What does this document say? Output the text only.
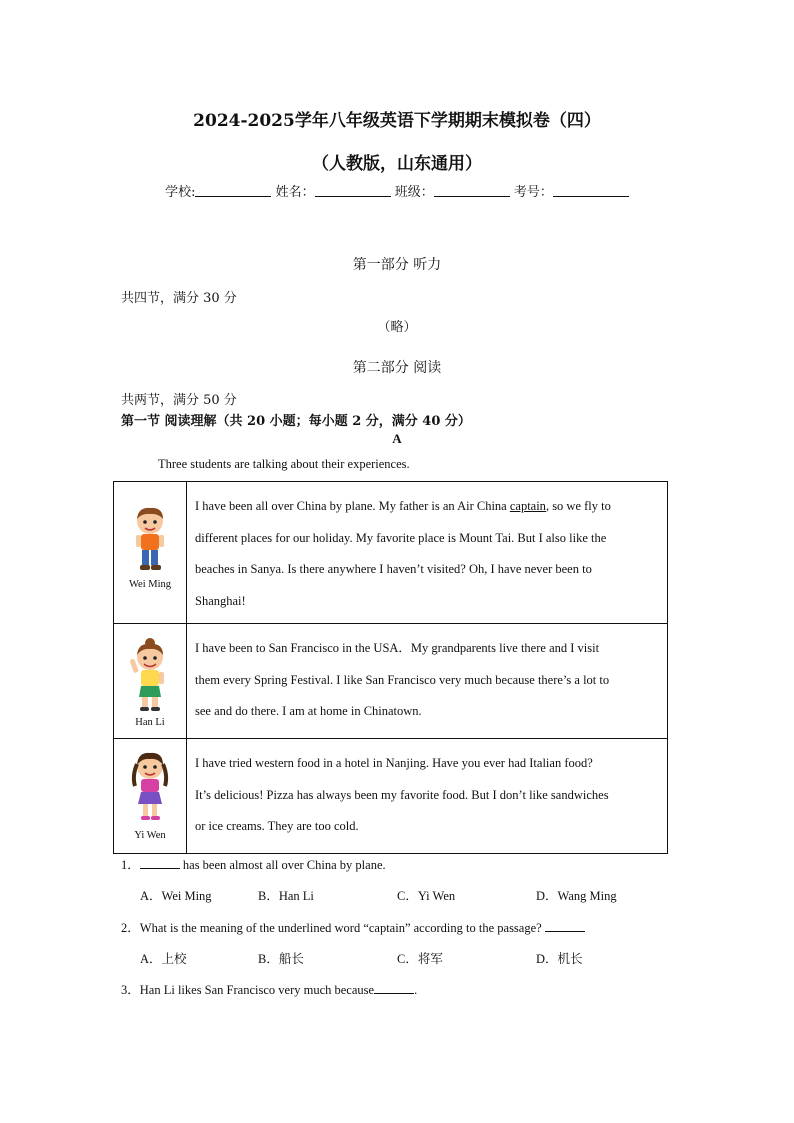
2024-2025学年八年级英语下学期期末模拟卷（四）
（人教版，山东通用）
学校:	姓名：	班级：	考号：
第一部分 听力
共四节，满分 30 分
（略）
第二部分 阅读
共两节，满分 50 分
第一节 阅读理解（共 20 小题；每小题 2 分，满分 40 分）
A
Three students are talking about their experiences.
Wei Ming	I have been all over China by plane. My father is an Air China captain, so we fly to
different places for our holiday. My favorite place is Mount Tai. But I also like the
beaches in Sanya. Is there anywhere I haven’t visited? Oh, I have never been to
Shanghai!

Han Li	I have been to San Francisco in the USA．My grandparents live there and I visit
them every Spring Festival. I like San Francisco very much because there’s a lot to
see and do there. I am at home in Chinatown.

Yi Wen	I have tried western food in a hotel in Nanjing. Have you ever had Italian food?
It’s delicious! Pizza has always been my favorite food. But I don’t like sandwiches
or ice creams. They are too cold.
1．	has been almost all over China by plane.
A．Wei Ming	B．Han Li	C．Yi Wen	D．Wang Ming
2．What is the meaning of the underlined word “captain” according to the passage?
A．上校	B．船长	C．将军	D．机长
3．Han Li likes San Francisco very much because	.
